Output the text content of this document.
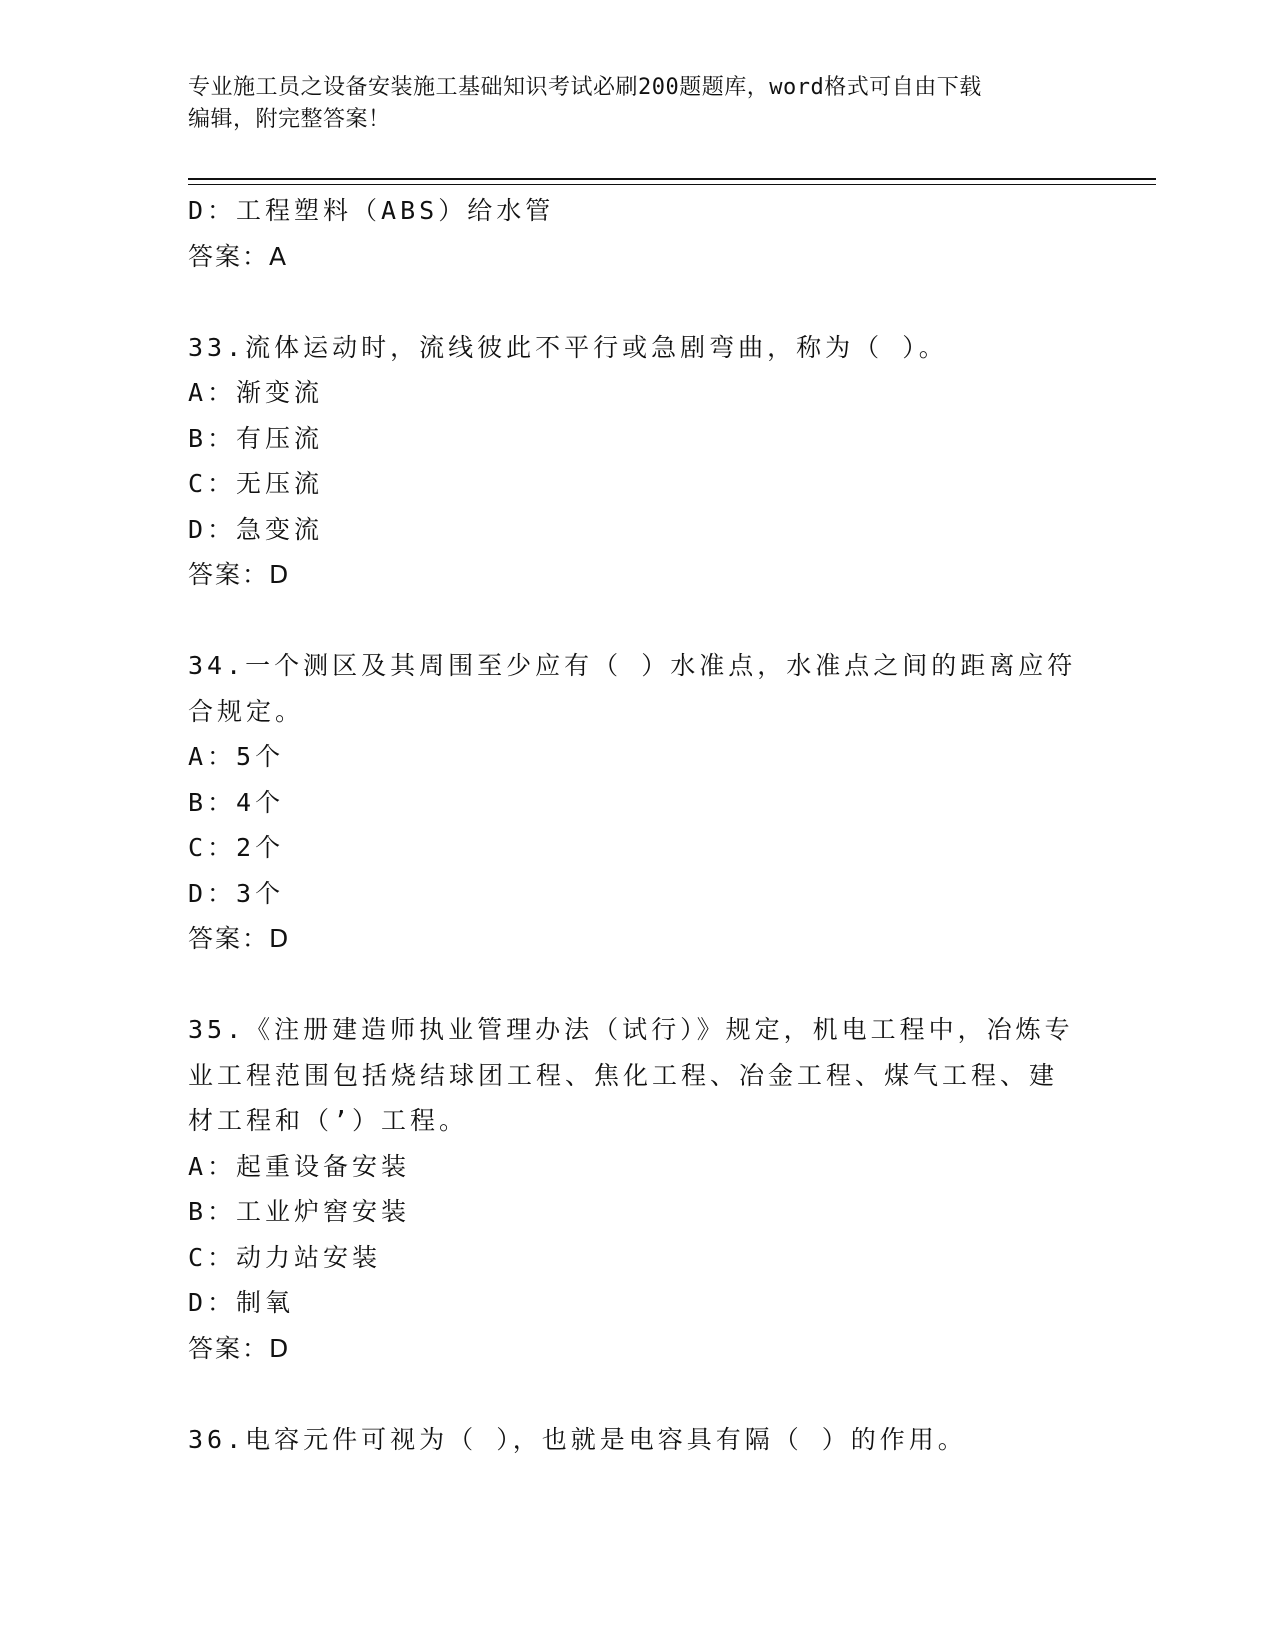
专业施工员之设备安装施工基础知识考试必刷200题题库，word格式可自由下载
编辑，附完整答案！
D：工程塑料（ABS）给水管
答案：A
33.流体运动时，流线彼此不平行或急剧弯曲，称为（ ）。
A：渐变流
B：有压流
C：无压流
D：急变流
答案：D
34.一个测区及其周围至少应有（ ）水准点，水准点之间的距离应符
合规定。
A：5个
B：4个
C：2个
D：3个
答案：D
35.《注册建造师执业管理办法（试行）》规定，机电工程中，冶炼专
业工程范围包括烧结球团工程、焦化工程、冶金工程、煤气工程、建
材工程和（’）工程。
A：起重设备安装
B：工业炉窖安装
C：动力站安装
D：制氧
答案：D
36.电容元件可视为（ ），也就是电容具有隔（ ）的作用。
